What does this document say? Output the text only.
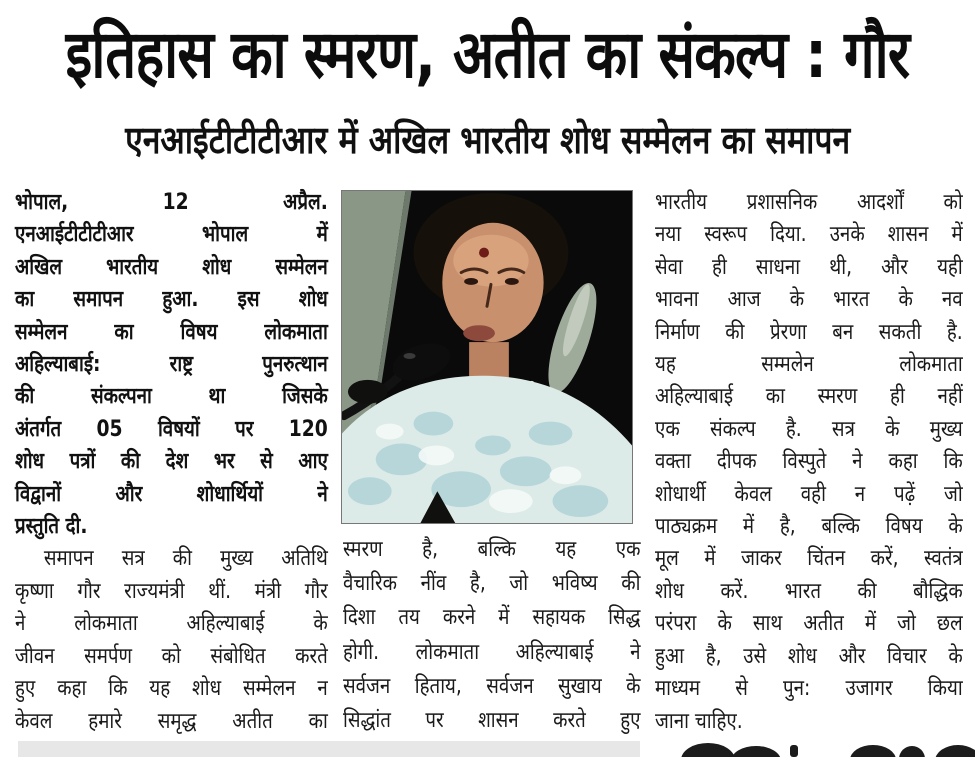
इतिहास का स्मरण, अतीत का संकल्प : गौर
एनआईटीटीटीआर में अखिल भारतीय शोध सम्मेलन का समापन
भोपाल, 12 अप्रैल.
एनआईटीटीटीआर भोपाल में
अखिल भारतीय शोध सम्मेलन
का समापन हुआ. इस शोध
सम्मेलन का विषय लोकमाता
अहिल्याबाई: राष्ट्र पुनरुत्थान
की संकल्पना था जिसके
अंतर्गत 05 विषयों पर 120
शोध पत्रों की देश भर से आए
विद्वानों और शोधार्थियों ने
प्रस्तुति दी.
समापन सत्र की मुख्य अतिथि
कृष्णा गौर राज्यमंत्री थीं. मंत्री गौर
ने लोकमाता अहिल्याबाई के
जीवन समर्पण को संबोधित करते
हुए कहा कि यह शोध सम्मेलन न
केवल हमारे समृद्ध अतीत का
स्मरण है, बल्कि यह एक
वैचारिक नींव है, जो भविष्य की
दिशा तय करने में सहायक सिद्ध
होगी. लोकमाता अहिल्याबाई ने
सर्वजन हिताय, सर्वजन सुखाय के
सिद्धांत पर शासन करते हुए
भारतीय प्रशासनिक आदर्शों को
नया स्वरूप दिया. उनके शासन में
सेवा ही साधना थी, और यही
भावना आज के भारत के नव
निर्माण की प्रेरणा बन सकती है.
यह सम्मलेन लोकमाता
अहिल्याबाई का स्मरण ही नहीं
एक संकल्प है. सत्र के मुख्य
वक्ता दीपक विस्पुते ने कहा कि
शोधार्थी केवल वही न पढ़ें जो
पाठ्यक्रम में है, बल्कि विषय के
मूल में जाकर चिंतन करें, स्वतंत्र
शोध करें. भारत की बौद्धिक
परंपरा के साथ अतीत में जो छल
हुआ है, उसे शोध और विचार के
माध्यम से पुन: उजागर किया
जाना चाहिए.
